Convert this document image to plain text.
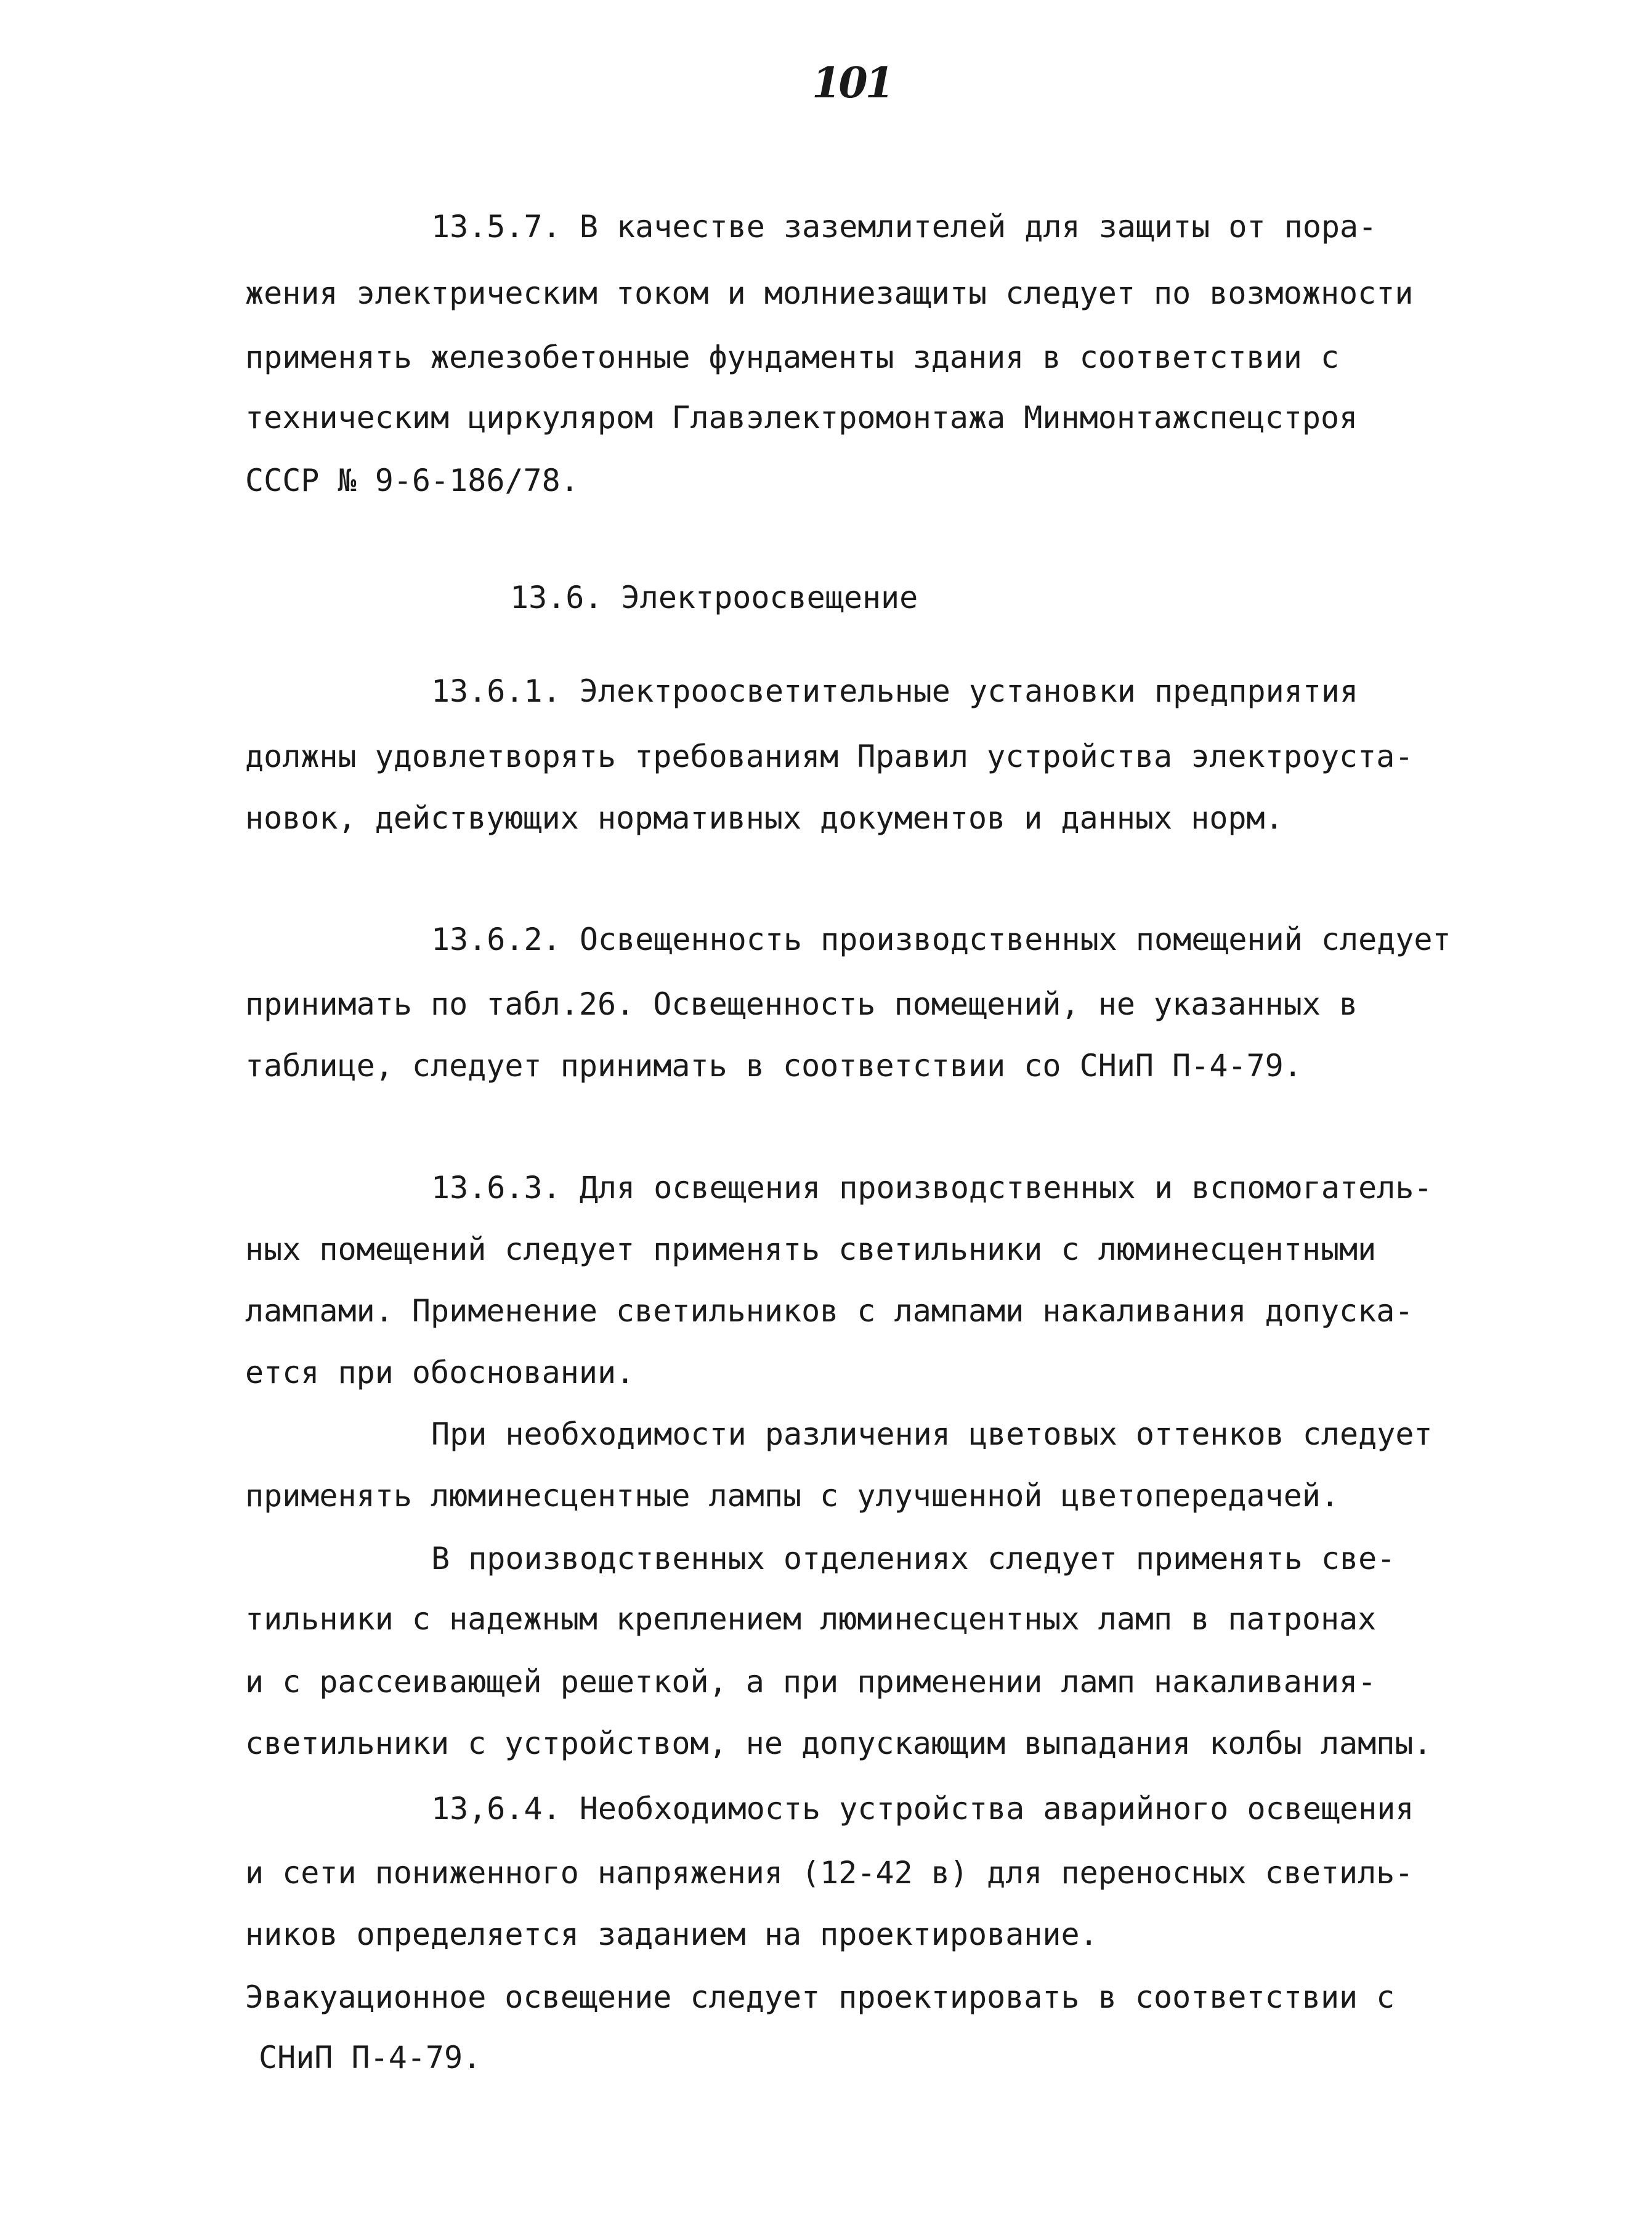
101
13.5.7. В качестве заземлителей для защиты от пора-
жения электрическим током и молниезащиты следует по возможности
применять железобетонные фундаменты здания в соответствии с
техническим циркуляром Главэлектромонтажа Минмонтажспецстроя
СССР № 9-6-186/78.
13.6. Электроосвещение
13.6.1. Электроосветительные установки предприятия
должны удовлетворять требованиям Правил устройства электроуста-
новок, действующих нормативных документов и данных норм.
13.6.2. Освещенность производственных помещений следует
принимать по табл.26. Освещенность помещений, не указанных в
таблице, следует принимать в соответствии со СНиП П-4-79.
13.6.3. Для освещения производственных и вспомогатель-
ных помещений следует применять светильники с люминесцентными
лампами. Применение светильников с лампами накаливания допуска-
ется при обосновании.
При необходимости различения цветовых оттенков следует
применять люминесцентные лампы с улучшенной цветопередачей.
В производственных отделениях следует применять све-
тильники с надежным креплением люминесцентных ламп в патронах
и с рассеивающей решеткой, а при применении ламп накаливания-
светильники с устройством, не допускающим выпадания колбы лампы.
13,6.4. Необходимость устройства аварийного освещения
и сети пониженного напряжения (12-42 в) для переносных светиль-
ников определяется заданием на проектирование.
Эвакуационное освещение следует проектировать в соответствии с
СНиП П-4-79.
